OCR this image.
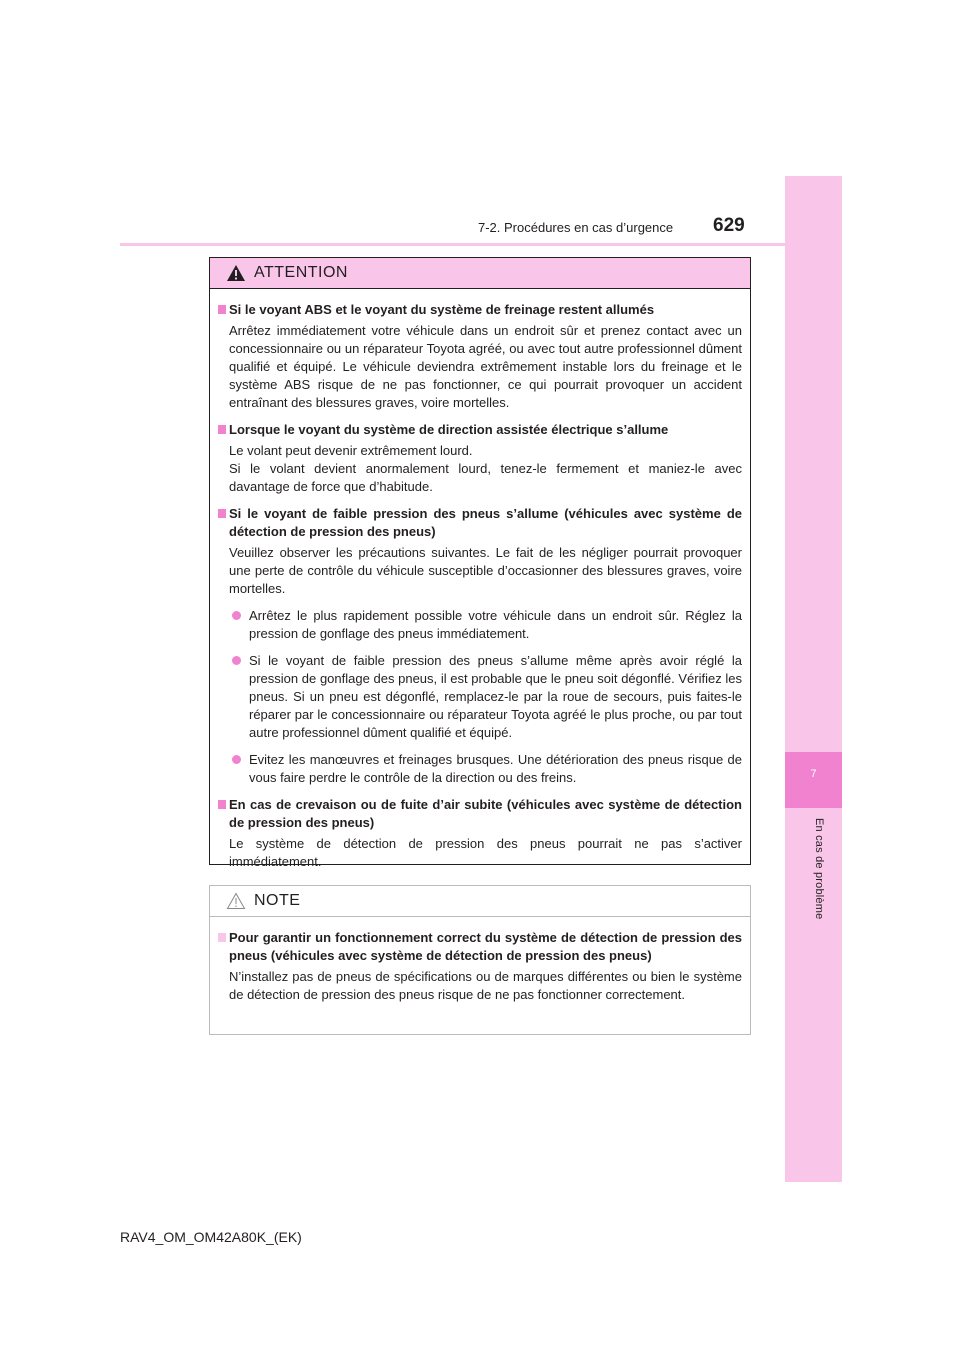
7
En cas de problème
7-2. Procédures en cas d’urgence 629
ATTENTION
Si le voyant ABS et le voyant du système de freinage restent allumés
Arrêtez immédiatement votre véhicule dans un endroit sûr et prenez contact avec un concessionnaire ou un réparateur Toyota agréé, ou avec tout autre professionnel dûment qualifié et équipé. Le véhicule deviendra extrêmement instable lors du freinage et le système ABS risque de ne pas fonctionner, ce qui pourrait provoquer un accident entraînant des blessures graves, voire mortelles.
Lorsque le voyant du système de direction assistée électrique s’allume
Le volant peut devenir extrêmement lourd.
Si le volant devient anormalement lourd, tenez-le fermement et maniez-le avec davantage de force que d’habitude.
Si le voyant de faible pression des pneus s’allume (véhicules avec système de détection de pression des pneus)
Veuillez observer les précautions suivantes. Le fait de les négliger pourrait provoquer une perte de contrôle du véhicule susceptible d’occasionner des blessures graves, voire mortelles.
Arrêtez le plus rapidement possible votre véhicule dans un endroit sûr. Réglez la pression de gonflage des pneus immédiatement.
Si le voyant de faible pression des pneus s’allume même après avoir réglé la pression de gonflage des pneus, il est probable que le pneu soit dégonflé. Vérifiez les pneus. Si un pneu est dégonflé, remplacez-le par la roue de secours, puis faites-le réparer par le concessionnaire ou réparateur Toyota agréé le plus proche, ou par tout autre professionnel dûment qualifié et équipé.
Evitez les manœuvres et freinages brusques. Une détérioration des pneus risque de vous faire perdre le contrôle de la direction ou des freins.
En cas de crevaison ou de fuite d’air subite (véhicules avec système de détection de pression des pneus)
Le système de détection de pression des pneus pourrait ne pas s’activer immédiatement.
NOTE
Pour garantir un fonctionnement correct du système de détection de pression des pneus (véhicules avec système de détection de pression des pneus)
N’installez pas de pneus de spécifications ou de marques différentes ou bien le système de détection de pression des pneus risque de ne pas fonctionner correctement.
RAV4_OM_OM42A80K_(EK)
